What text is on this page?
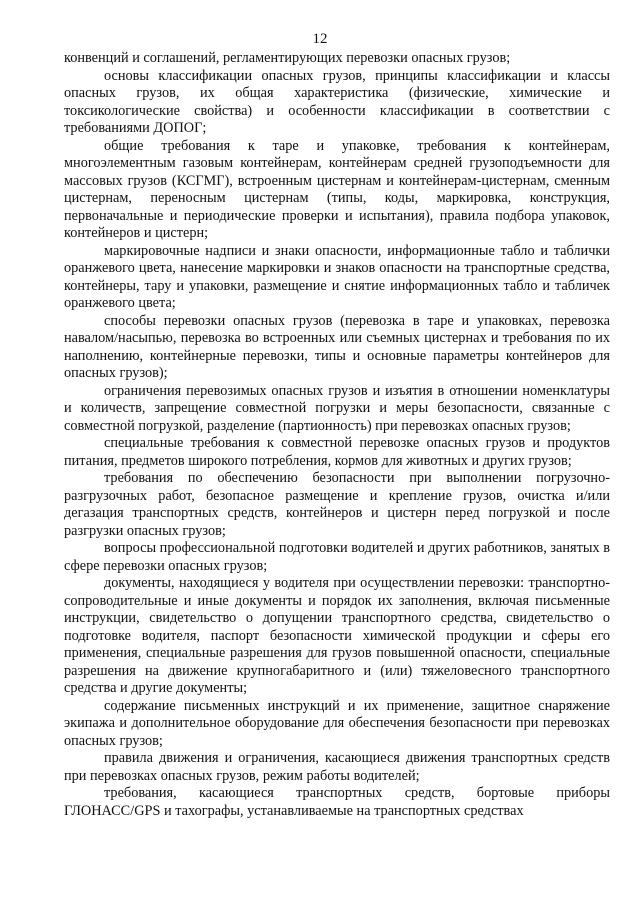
12

конвенций и соглашений, регламентирующих перевозки опасных грузов;

основы классификации опасных грузов, принципы классификации и классы опасных грузов, их общая характеристика (физические, химические и токсикологические свойства) и особенности классификации в соответствии с требованиями ДОПОГ;

общие требования к таре и упаковке, требования к контейнерам, многоэлементным газовым контейнерам, контейнерам средней грузоподъемности для массовых грузов (КСГМГ), встроенным цистернам и контейнерам-цистернам, сменным цистернам, переносным цистернам (типы, коды, маркировка, конструкция, первоначальные и периодические проверки и испытания), правила подбора упаковок, контейнеров и цистерн;

маркировочные надписи и знаки опасности, информационные табло и таблички оранжевого цвета, нанесение маркировки и знаков опасности на транспортные средства, контейнеры, тару и упаковки, размещение и снятие информационных табло и табличек оранжевого цвета;

способы перевозки опасных грузов (перевозка в таре и упаковках, перевозка навалом/насыпью, перевозка во встроенных или съемных цистернах и требования по их наполнению, контейнерные перевозки, типы и основные параметры контейнеров для опасных грузов);

ограничения перевозимых опасных грузов и изъятия в отношении номенклатуры и количеств, запрещение совместной погрузки и меры безопасности, связанные с совместной погрузкой, разделение (партионность) при перевозках опасных грузов;

специальные требования к совместной перевозке опасных грузов и продуктов питания, предметов широкого потребления, кормов для животных и других грузов;

требования по обеспечению безопасности при выполнении погрузочно-разгрузочных работ, безопасное размещение и крепление грузов, очистка и/или дегазация транспортных средств, контейнеров и цистерн перед погрузкой и после разгрузки опасных грузов;

вопросы профессиональной подготовки водителей и других работников, занятых в сфере перевозки опасных грузов;

документы, находящиеся у водителя при осуществлении перевозки: транспортно-сопроводительные и иные документы и порядок их заполнения, включая письменные инструкции, свидетельство о допущении транспортного средства, свидетельство о подготовке водителя, паспорт безопасности химической продукции и сферы его применения, специальные разрешения для грузов повышенной опасности, специальные разрешения на движение крупногабаритного и (или) тяжеловесного транспортного средства и другие документы;

содержание письменных инструкций и их применение, защитное снаряжение экипажа и дополнительное оборудование для обеспечения безопасности при перевозках опасных грузов;

правила движения и ограничения, касающиеся движения транспортных средств при перевозках опасных грузов, режим работы водителей;

требования, касающиеся транспортных средств, бортовые приборы ГЛОНАСС/GPS и тахографы, устанавливаемые на транспортных средствах
